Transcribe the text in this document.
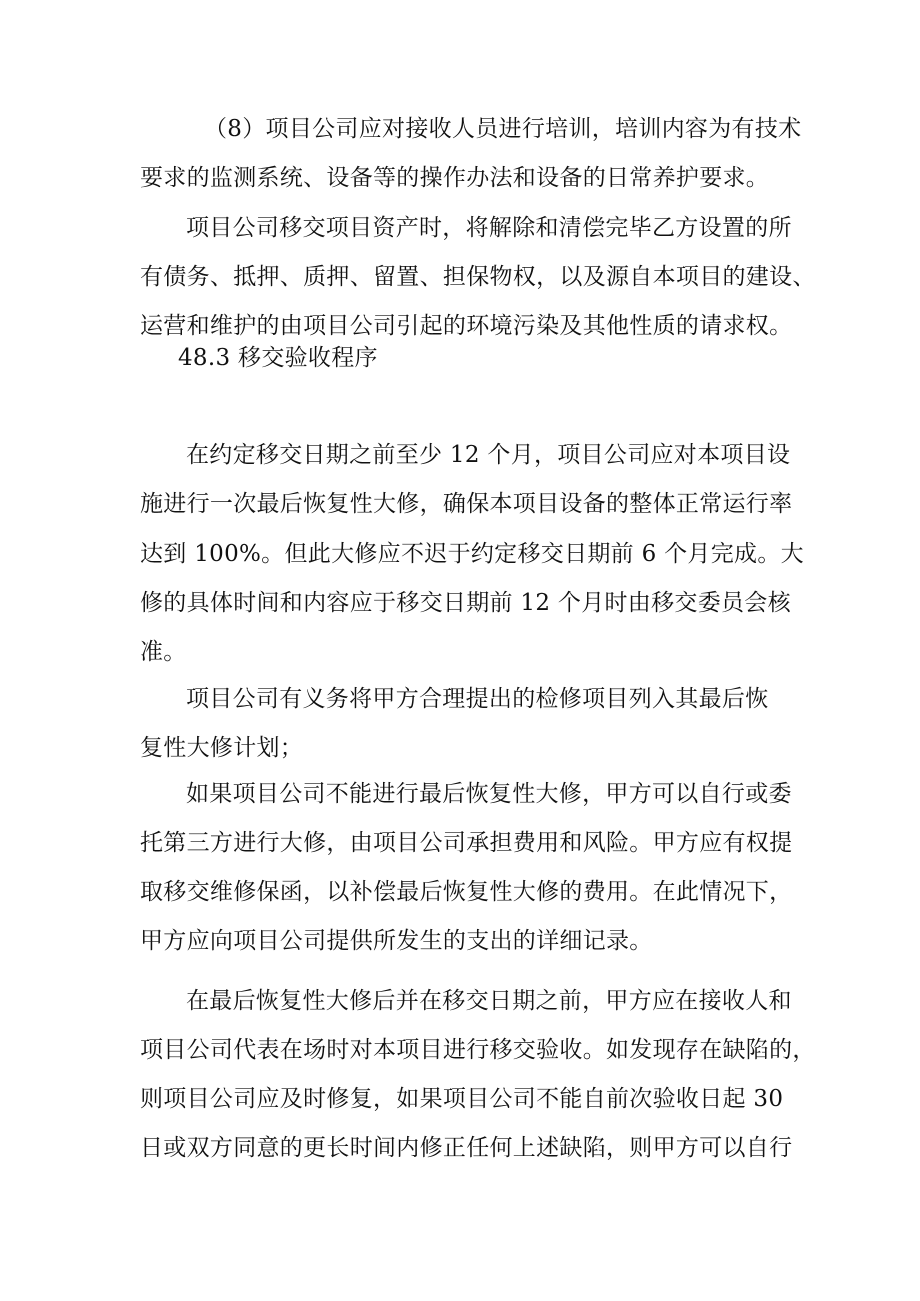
（8）项目公司应对接收人员进行培训，培训内容为有技术
要求的监测系统、设备等的操作办法和设备的日常养护要求。
项目公司移交项目资产时，将解除和清偿完毕乙方设置的所
有债务、抵押、质押、留置、担保物权，以及源自本项目的建设、
运营和维护的由项目公司引起的环境污染及其他性质的请求权。
48.3 移交验收程序
在约定移交日期之前至少 12 个月，项目公司应对本项目设
施进行一次最后恢复性大修，确保本项目设备的整体正常运行率
达到 100%。但此大修应不迟于约定移交日期前 6 个月完成。大
修的具体时间和内容应于移交日期前 12 个月时由移交委员会核
准。
项目公司有义务将甲方合理提出的检修项目列入其最后恢
复性大修计划；
如果项目公司不能进行最后恢复性大修，甲方可以自行或委
托第三方进行大修，由项目公司承担费用和风险。甲方应有权提
取移交维修保函，以补偿最后恢复性大修的费用。在此情况下，
甲方应向项目公司提供所发生的支出的详细记录。
在最后恢复性大修后并在移交日期之前，甲方应在接收人和
项目公司代表在场时对本项目进行移交验收。如发现存在缺陷的，
则项目公司应及时修复，如果项目公司不能自前次验收日起 30
日或双方同意的更长时间内修正任何上述缺陷，则甲方可以自行
